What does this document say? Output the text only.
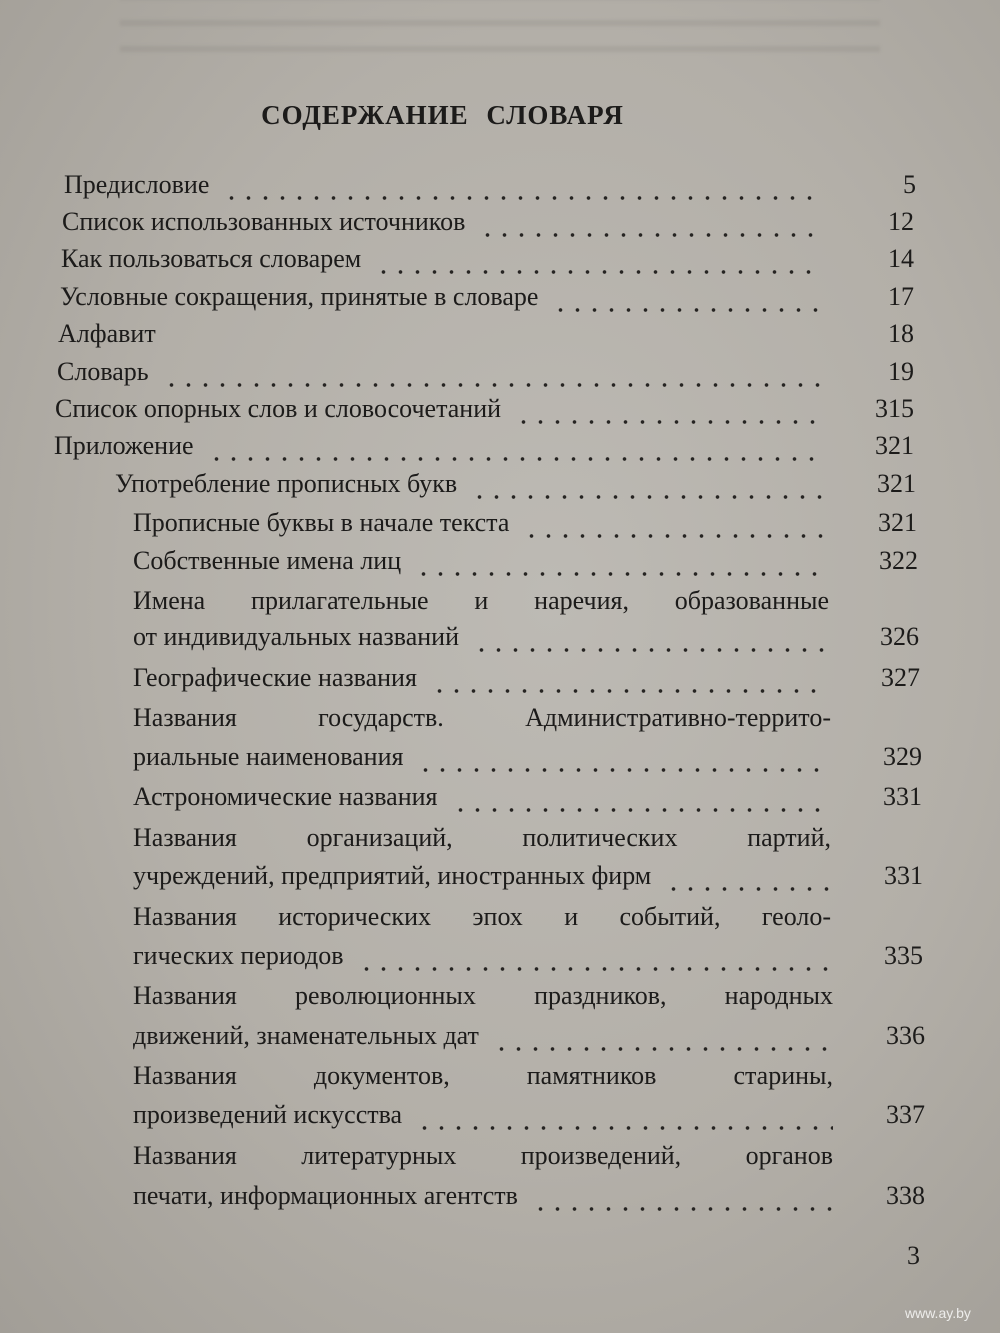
СОДЕРЖАНИЕ СЛОВАРЯ
Предисловие	5
Список использованных источников	12
Как пользоваться словарем	14
Условные сокращения, принятые в словаре	17
Алфавит	18
Словарь	19
Список опорных слов и словосочетаний	315
Приложение	321
Употребление прописных букв	321
Прописные буквы в начале текста	321
Собственные имена лиц	322
Имена прилагательные и наречия, образованные
от индивидуальных названий	326
Географические названия	327
Названия государств. Административно-террито-
риальные наименования	329
Астрономические названия	331
Названия организаций, политических партий,
учреждений, предприятий, иностранных фирм	331
Названия исторических эпох и событий, геоло-
гических периодов	335
Названия революционных праздников, народных
движений, знаменательных дат	336
Названия документов, памятников старины,
произведений искусства	337
Названия литературных произведений, органов
печати, информационных агентств	338
3
www.ay.by
